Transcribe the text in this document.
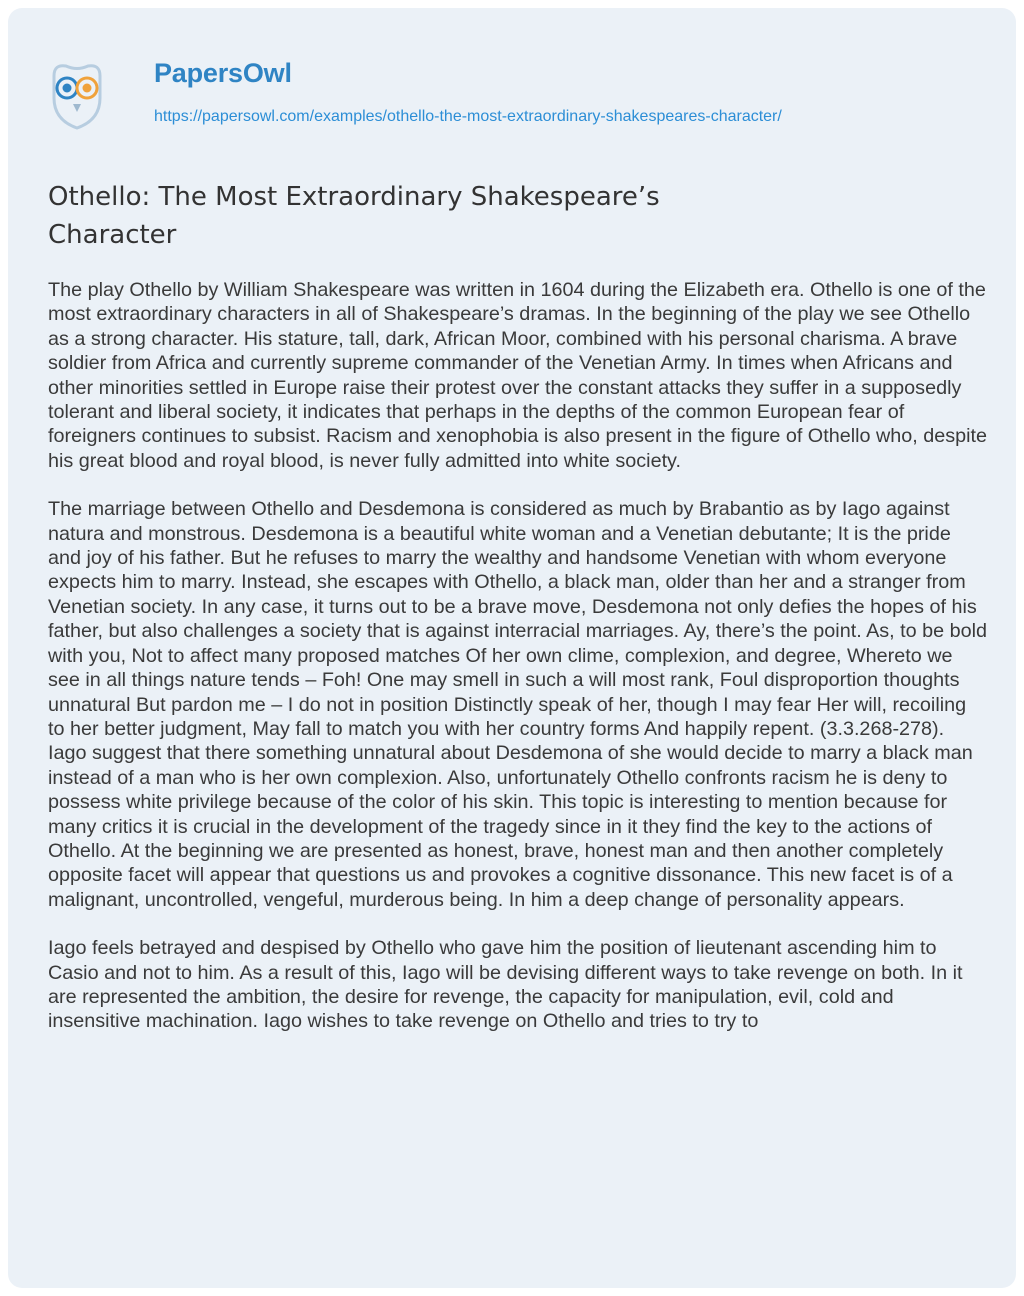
PapersOwl
https://papersowl.com/examples/othello-the-most-extraordinary-shakespeares-character/
Othello: The Most Extraordinary Shakespeare’s Character

The play Othello by William Shakespeare was written in 1604 during the Elizabeth era. Othello is one of the most extraordinary characters in all of Shakespeare’s dramas. In the beginning of the play we see Othello as a strong character. His stature, tall, dark, African Moor, combined with his personal charisma. A brave soldier from Africa and currently supreme commander of the Venetian Army. In times when Africans and other minorities settled in Europe raise their protest over the constant attacks they suffer in a supposedly tolerant and liberal society, it indicates that perhaps in the depths of the common European fear of foreigners continues to subsist. Racism and xenophobia is also present in the figure of Othello who, despite his great blood and royal blood, is never fully admitted into white society.

The marriage between Othello and Desdemona is considered as much by Brabantio as by Iago against natura and monstrous. Desdemona is a beautiful white woman and a Venetian debutante; It is the pride and joy of his father. But he refuses to marry the wealthy and handsome Venetian with whom everyone expects him to marry. Instead, she escapes with Othello, a black man, older than her and a stranger from Venetian society. In any case, it turns out to be a brave move, Desdemona not only defies the hopes of his father, but also challenges a society that is against interracial marriages. Ay, there’s the point. As, to be bold with you, Not to affect many proposed matches Of her own clime, complexion, and degree, Whereto we see in all things nature tends – Foh! One may smell in such a will most rank, Foul disproportion thoughts unnatural But pardon me – I do not in position Distinctly speak of her, though I may fear Her will, recoiling to her better judgment, May fall to match you with her country forms And happily repent. (3.3.268-278). Iago suggest that there something unnatural about Desdemona of she would decide to marry a black man instead of a man who is her own complexion. Also, unfortunately Othello confronts racism he is deny to possess white privilege because of the color of his skin. This topic is interesting to mention because for many critics it is crucial in the development of the tragedy since in it they find the key to the actions of Othello. At the beginning we are presented as honest, brave, honest man and then another completely opposite facet will appear that questions us and provokes a cognitive dissonance. This new facet is of a malignant, uncontrolled, vengeful, murderous being. In him a deep change of personality appears.

Iago feels betrayed and despised by Othello who gave him the position of lieutenant ascending him to Casio and not to him. As a result of this, Iago will be devising different ways to take revenge on both. In it are represented the ambition, the desire for revenge, the capacity for manipulation, evil, cold and insensitive machination. Iago wishes to take revenge on Othello and tries to try to
